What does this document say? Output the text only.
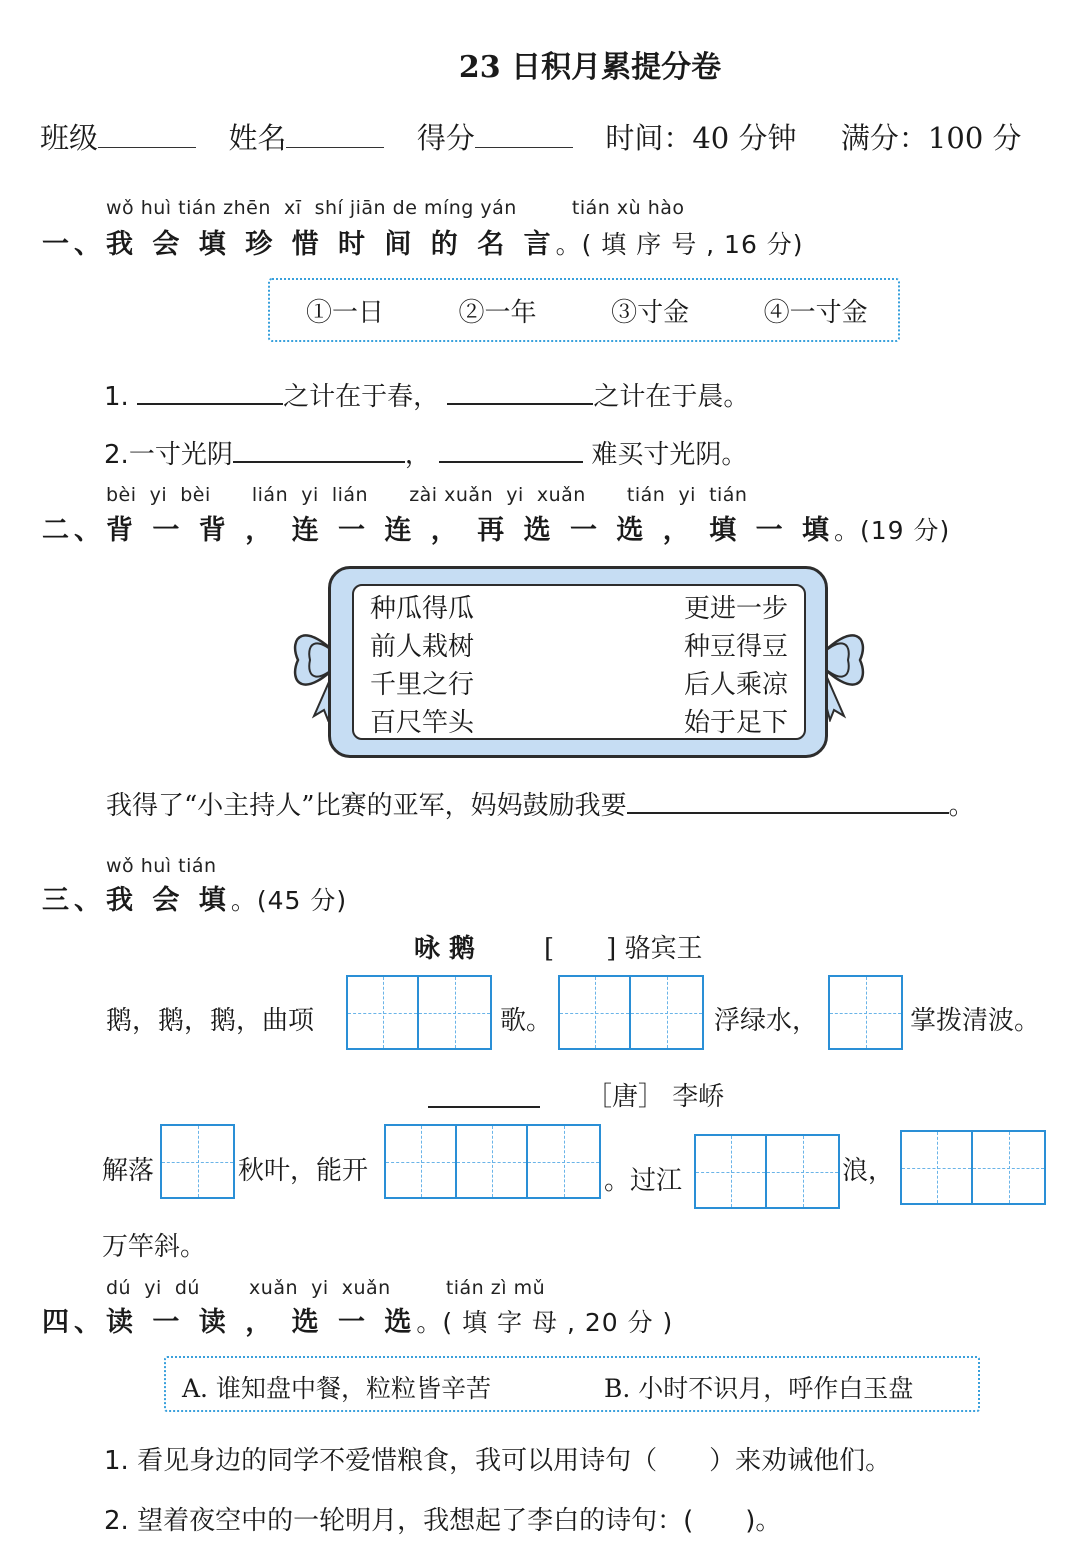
23 日积月累提分卷
班级	姓名	得分	时间：40 分钟 满分：100 分
wǒ huì tián zhēn xī shí jiān de míng yán	tián xù hào
一、我 会 填 珍 惜 时 间 的 名 言。( 填 序 号 , 16 分)
①一日	②一年	③寸金	④一寸金
1.	之计在于春，	之计在于晨。
2.一寸光阴	，	难买寸光阴。
bèi yi bèi lián yi lián zài xuǎn yi xuǎn tián yi tián
二、背 一 背 ， 连 一 连 ， 再 选 一 选 ， 填 一 填。(19 分)
种瓜得瓜
前人栽树
千里之行
百尺竿头
更进一步
种豆得豆
后人乘凉
始于足下
我得了“小主持人”比赛的亚军，妈妈鼓励我要	。
wǒ huì tián
三、我 会 填。(45 分)
咏 鹅	[　　] 骆宾王
鹅，鹅，鹅，曲项	歌。	浮绿水，	掌拨清波。
［唐］ 李峤
解落	秋叶，能开	。过江	浪，
万竿斜。
dú yi dú	xuǎn yi xuǎn	tián zì mǔ
四、读 一 读 ， 选 一 选。( 填 字 母 , 20 分 )
A. 谁知盘中餐，粒粒皆辛苦	B. 小时不识月，呼作白玉盘
1. 看见身边的同学不爱惜粮食，我可以用诗句（　　）来劝诫他们。
2. 望着夜空中的一轮明月，我想起了李白的诗句：(　　)。
